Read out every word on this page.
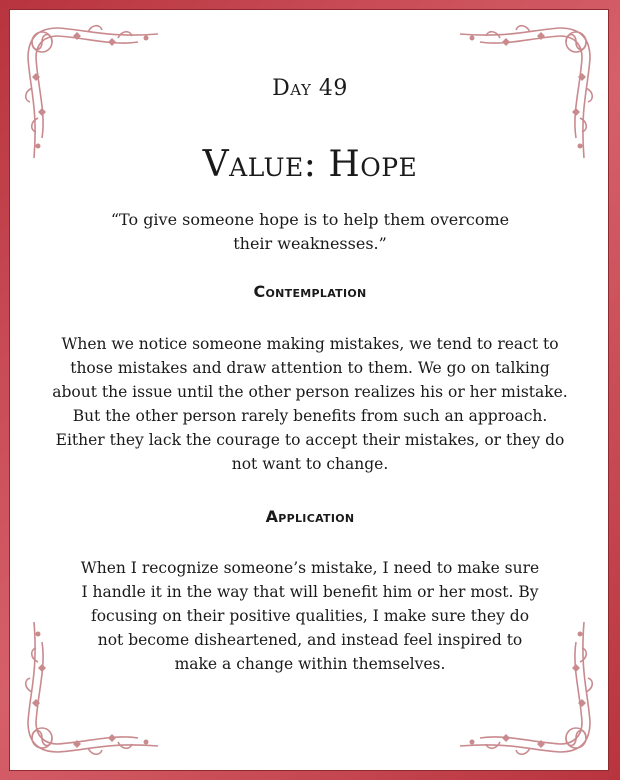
Day 49
Value: Hope
“To give someone hope is to help them overcome their weaknesses.”
Contemplation
When we notice someone making mistakes, we tend to react to those mistakes and draw attention to them. We go on talking about the issue until the other person realizes his or her mistake. But the other person rarely benefits from such an approach. Either they lack the courage to accept their mistakes, or they do not want to change.
Application
When I recognize someone’s mistake, I need to make sure I handle it in the way that will benefit him or her most. By focusing on their positive qualities, I make sure they do not become disheartened, and instead feel inspired to make a change within themselves.
